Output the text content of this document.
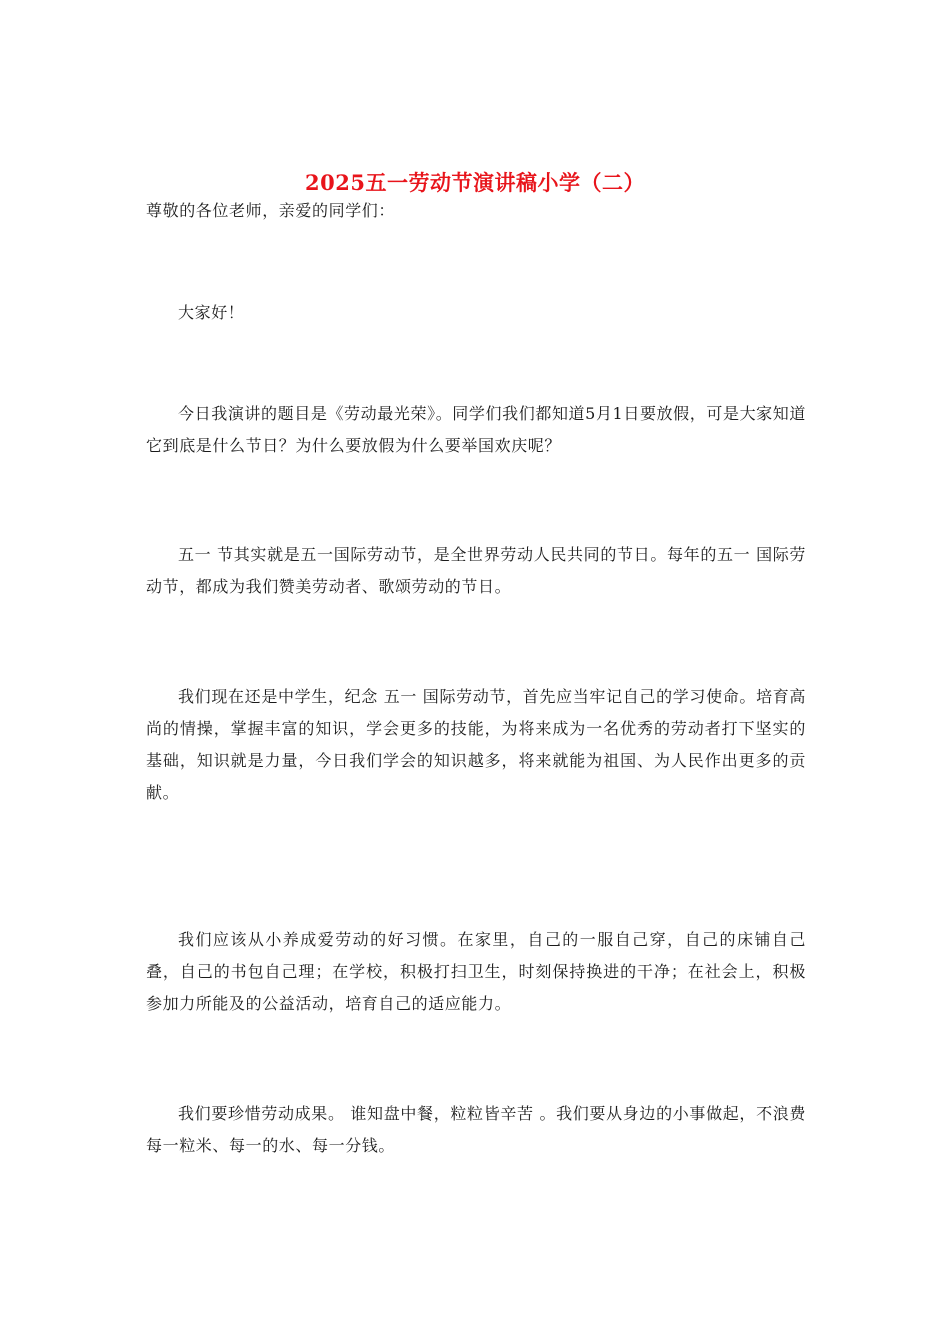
2025五一劳动节演讲稿小学（二）

尊敬的各位老师，亲爱的同学们：

大家好！

今日我演讲的题目是《劳动最光荣》。同学们我们都知道5月1日要放假，可是大家知道它到底是什么节日？为什么要放假为什么要举国欢庆呢？

五一 节其实就是五一国际劳动节，是全世界劳动人民共同的节日。每年的五一 国际劳动节，都成为我们赞美劳动者、歌颂劳动的节日。

我们现在还是中学生，纪念 五一 国际劳动节，首先应当牢记自己的学习使命。培育高尚的情操，掌握丰富的知识，学会更多的技能，为将来成为一名优秀的劳动者打下坚实的基础，知识就是力量，今日我们学会的知识越多，将来就能为祖国、为人民作出更多的贡献。

我们应该从小养成爱劳动的好习惯。在家里，自己的一服自己穿，自己的床铺自己叠，自己的书包自己理；在学校，积极打扫卫生，时刻保持换进的干净；在社会上，积极参加力所能及的公益活动，培育自己的适应能力。

我们要珍惜劳动成果。 谁知盘中餐，粒粒皆辛苦 。我们要从身边的小事做起，不浪费每一粒米、每一的水、每一分钱。
